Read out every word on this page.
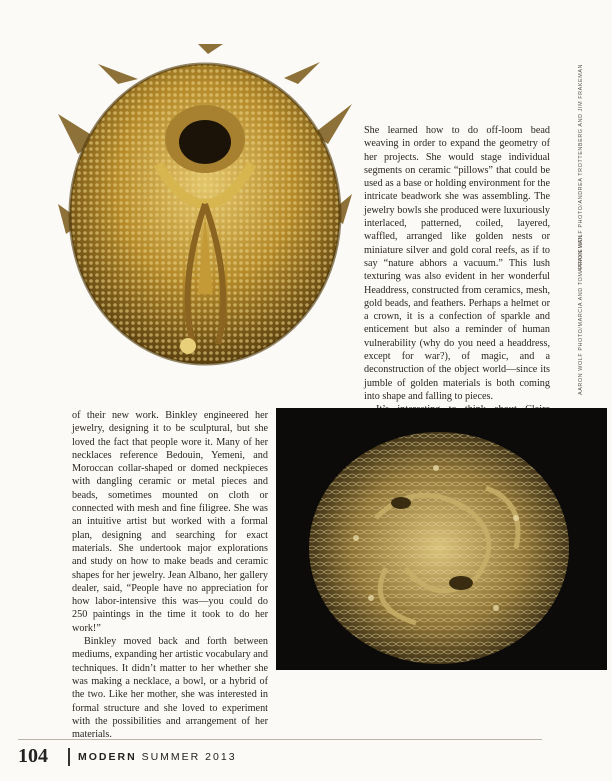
She learned how to do off-loom bead weaving in order to expand the geometry of her projects. She would stage individual segments on ceramic “pillows” that could be used as a base or holding environment for the intricate beadwork she was assembling. The jewelry bowls she produced were luxuriously interlaced, patterned, coiled, layered, waffled, arranged like golden nests or miniature silver and gold coral reefs, as if to say “nature abhors a vacuum.” This lush texturing was also evident in her wonderful Headdress, constructed from ceramics, mesh, gold beads, and feathers. Perhaps a helmet or a crown, it is a confection of sparkle and enticement but also a reminder of human vulnerability (why do you need a headdress, except for war?), of magic, and a deconstruction of the object world—since its jumble of golden materials is both coming into shape and falling to pieces.

AARON WOLF PHOTO/ANDREA TROTTENBERG AND JIM FRAKEMAN
AARON WOLF PHOTO/MARCIA AND TOM FRAKEMAN

of their new work. Binkley engineered her jewelry, designing it to be sculptural, but she loved the fact that people wore it. Many of her necklaces reference Bedouin, Yemeni, and Moroccan collar-shaped or domed neckpieces with dangling ceramic or metal pieces and beads, sometimes mounted on cloth or connected with mesh and fine filigree. She was an intuitive artist but worked with a formal plan, designing and searching for exact materials. She undertook major explorations and study on how to make beads and ceramic shapes for her jewelry. Jean Albano, her gallery dealer, said, “People have no appreciation for how labor-intensive this was—you could do 250 paintings in the time it took to do her work!”

Binkley moved back and forth between mediums, expanding her artistic vocabulary and techniques. It didn’t matter to her whether she was making a necklace, a bowl, or a hybrid of the two. Like her mother, she was interested in formal structure and she loved to experiment with the possibilities and arrangement of her materials.

104	MODERN SUMMER 2013
